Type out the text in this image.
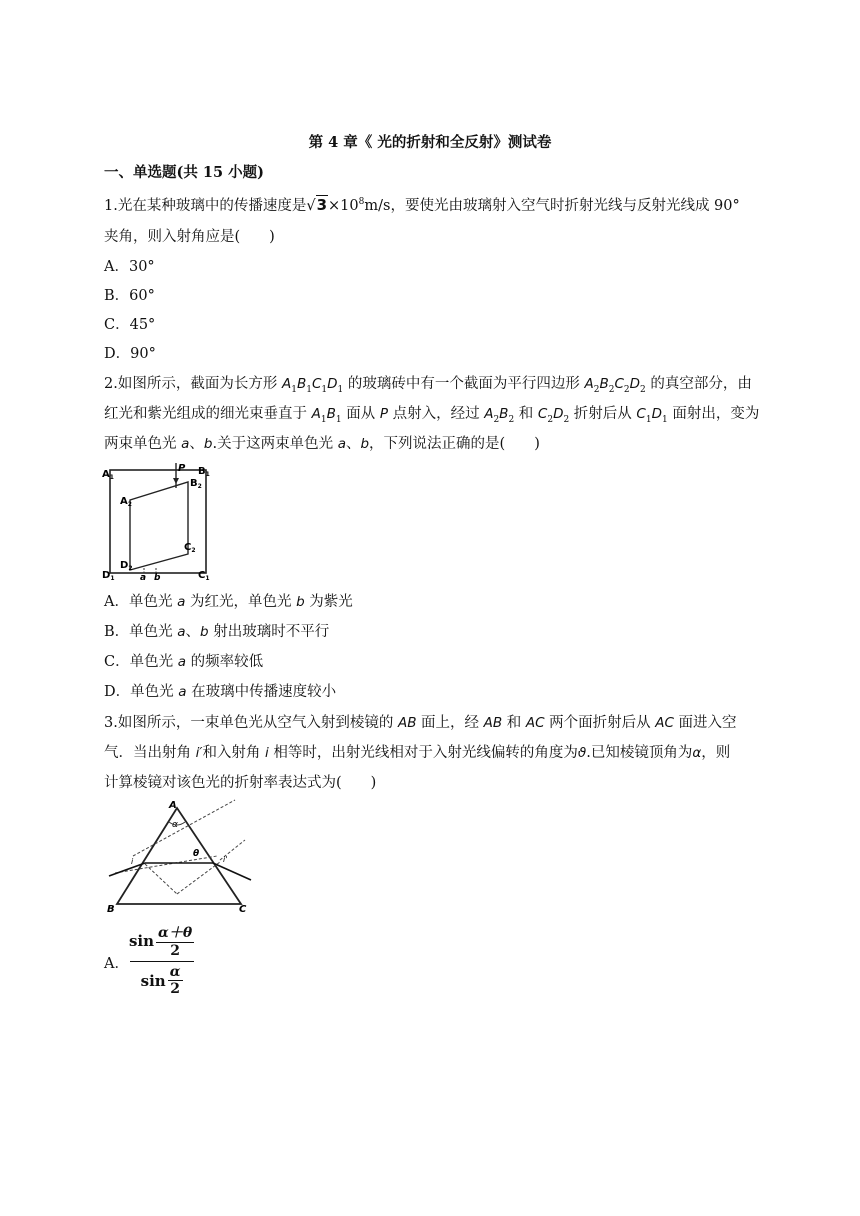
第 4 章《 光的折射和全反射》测试卷
一、单选题(共 15 小题)
1.光在某种玻璃中的传播速度是$√3\times 10^8m/s$，要使光由玻璃射入空气时折射光线与反射光线成 90°
夹角，则入射角应是(　　)
A．30°
B．60°
C．45°
D．90°
2.如图所示，截面为长方形 $A_1B_1C_1D_1$ 的玻璃砖中有一个截面为平行四边形 $A_2B_2C_2D_2$ 的真空部分，由
红光和紫光组成的细光束垂直于 $A_1B_1$ 面从 P 点射入，经过 $A_2B_2$ 和 $C_2D_2$ 折射后从 $C_1D_1$ 面射出，变为
两束单色光 a、b.关于这两束单色光 a、b，下列说法正确的是(　　)
$A_1$
$B_1$
$A_2$
$B_2$
P
$C_2$
$D_2$
$D_1$	$C_1$
a b
A．单色光 a 为红光，单色光 b 为紫光
B．单色光 a、b 射出玻璃时不平行
C．单色光 a 的频率较低
D．单色光 a 在玻璃中传播速度较小
3.如图所示，一束单色光从空气入射到棱镜的 AB 面上，经 AB 和 AC 两个面折射后从 AC 面进入空
气．当出射角 i′和入射角 i 相等时，出射光线相对于入射光线偏转的角度为ϑ.已知棱镜顶角为α，则
计算棱镜对该色光的折射率表达式为(　　)
A
α
θ
i	i'
B	C
A．
$\sin \frac{\alpha+\theta}{2}$
$\sin \frac{\alpha}{2}$
